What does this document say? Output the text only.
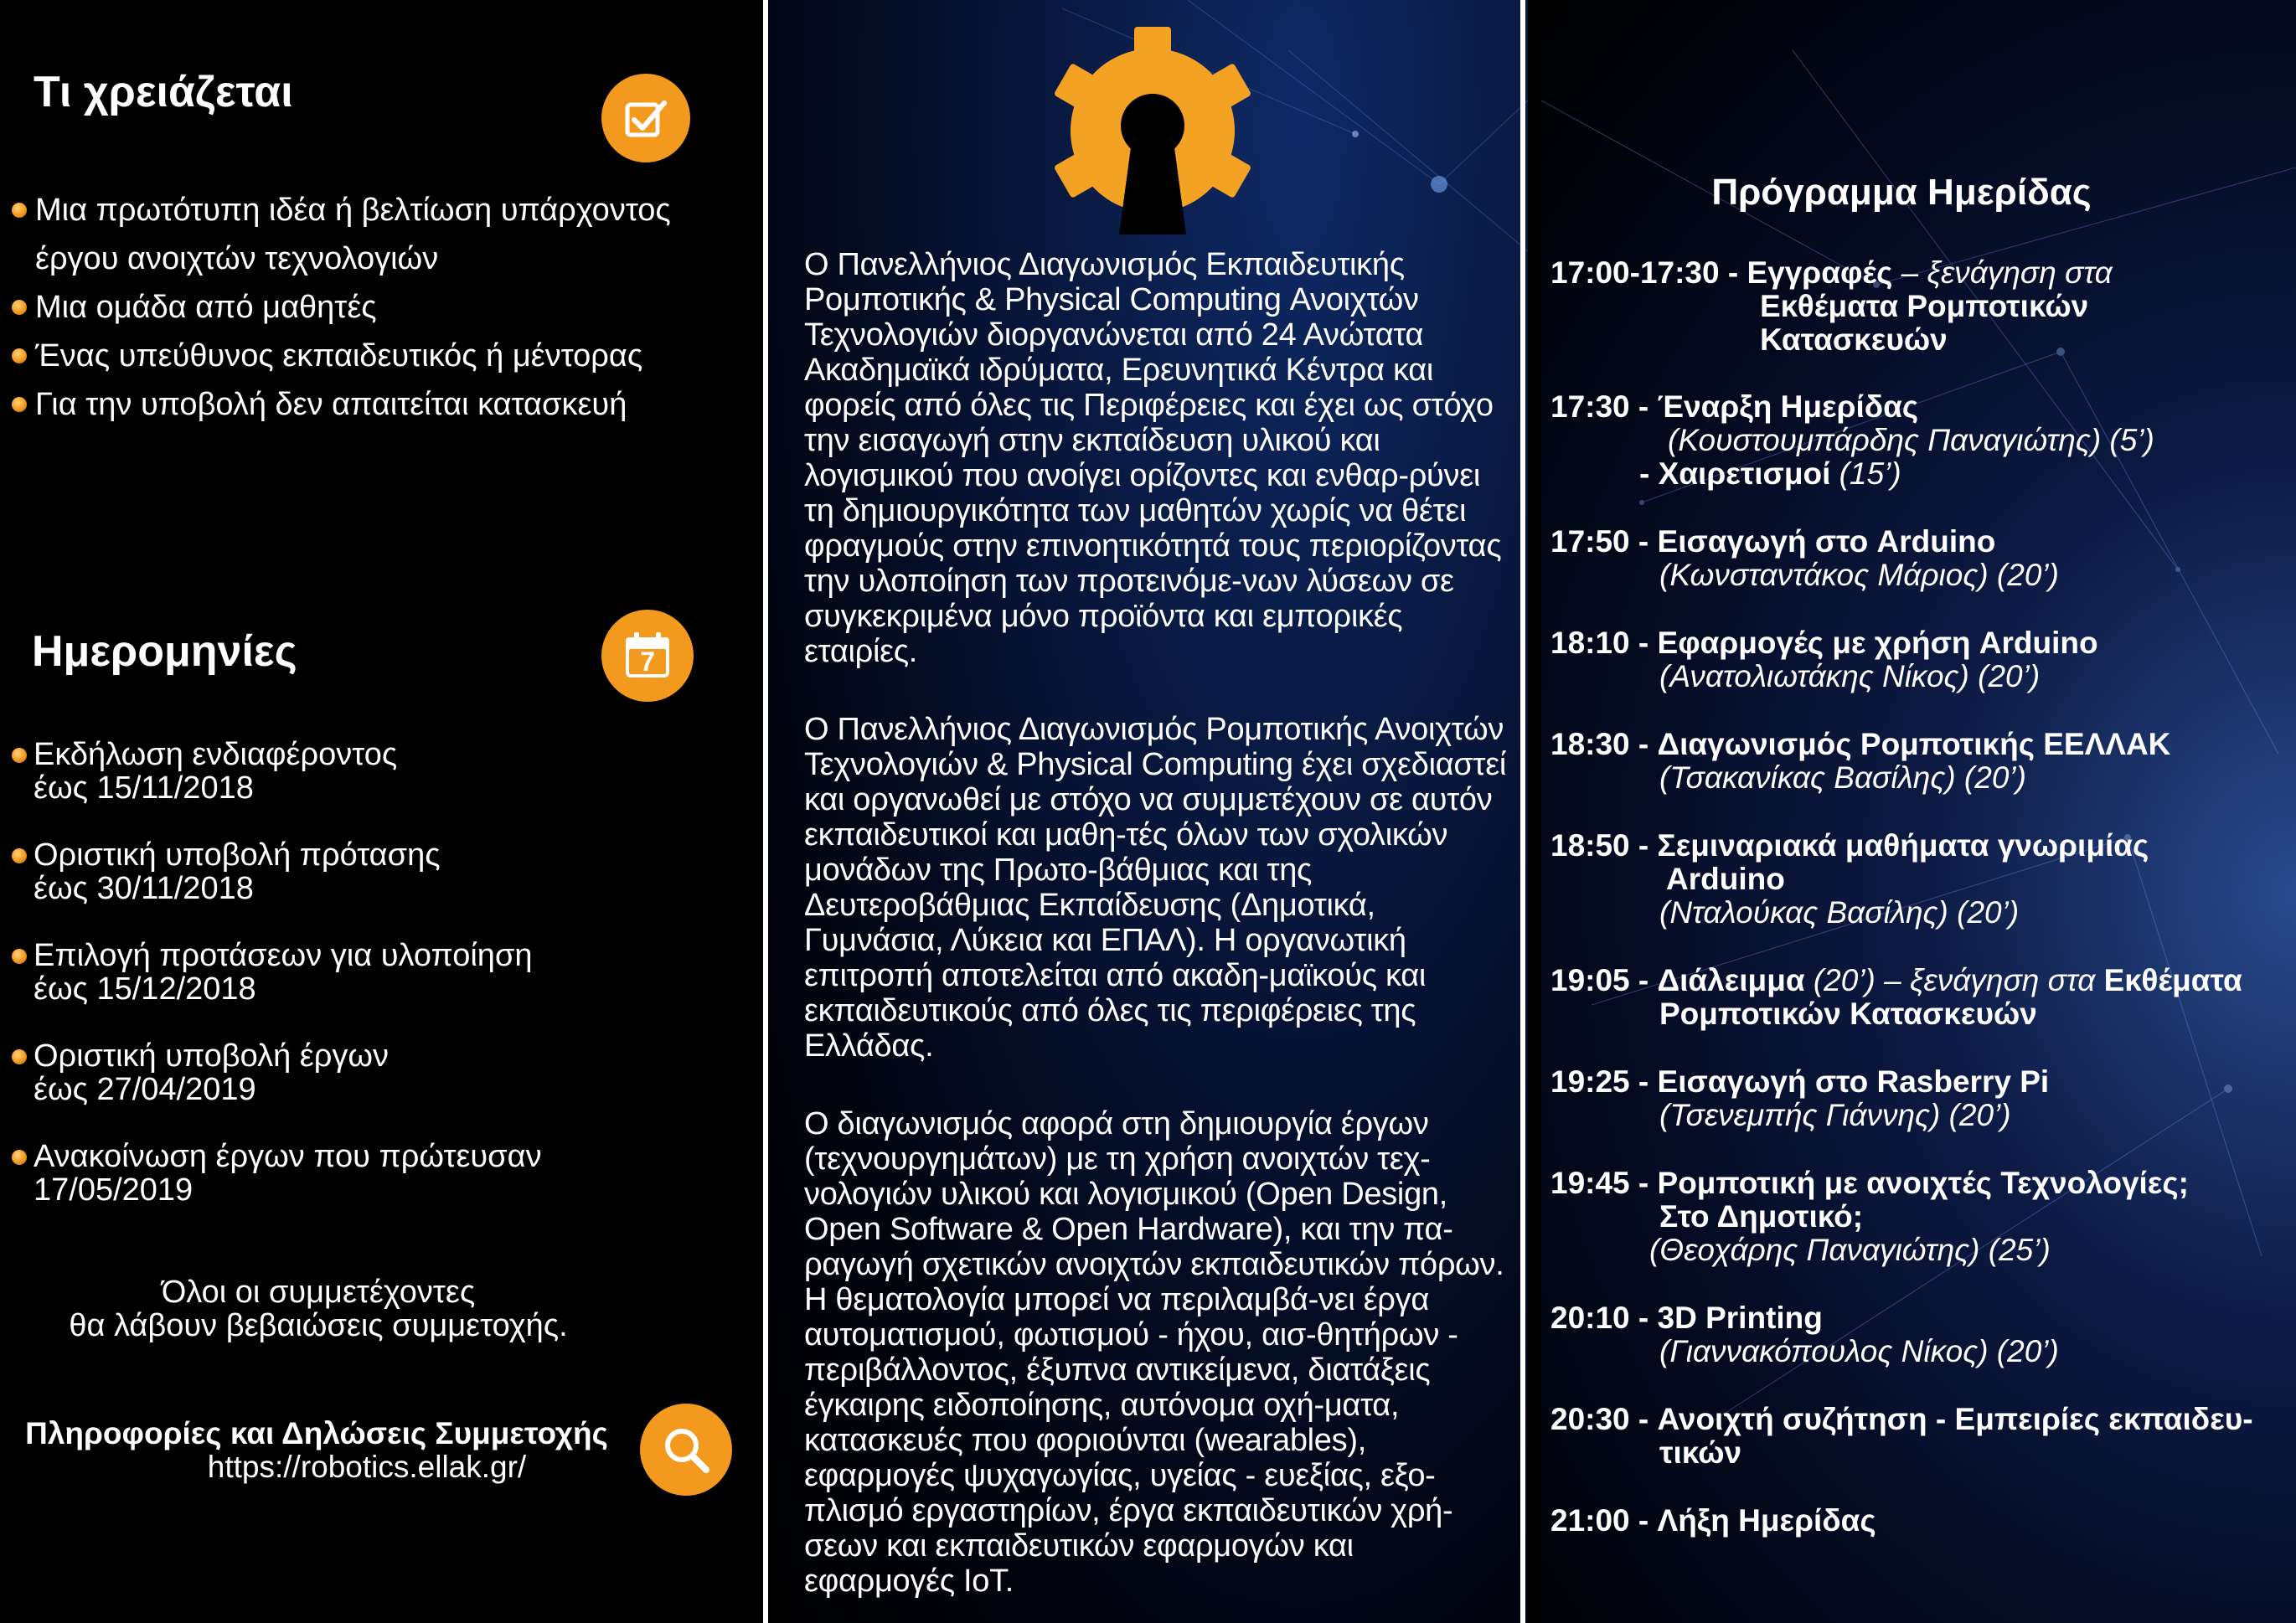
Τι χρειάζεται
Μια πρωτότυπη ιδέα ή βελτίωση υπάρχοντος
έργου ανοιχτών τεχνολογιών
Μια ομάδα από μαθητές
Ένας υπεύθυνος εκπαιδευτικός ή μέντορας
Για την υποβολή δεν απαιτείται κατασκευή
Ημερομηνίες	7
Εκδήλωση ενδιαφέροντος
έως 15/11/2018
Οριστική υποβολή πρότασης
έως 30/11/2018
Επιλογή προτάσεων για υλοποίηση
έως 15/12/2018
Οριστική υποβολή έργων
έως 27/04/2019
Ανακοίνωση έργων που πρώτευσαν
17/05/2019
Όλοι οι συμμετέχοντες
θα λάβουν βεβαιώσεις συμμετοχής.
Πληροφορίες και Δηλώσεις Συμμετοχής
https://robotics.ellak.gr/
Ο Πανελλήνιος Διαγωνισμός Εκπαιδευτικής Ρομποτικής & Physical Computing Ανοιχτών Τεχνολογιών διοργανώνεται από 24 Ανώτατα Ακαδημαϊκά ιδρύματα, Ερευνητικά Κέντρα και φορείς από όλες τις Περιφέρειες και έχει ως στόχο την εισαγωγή στην εκπαίδευση υλικού και λογισμικού που ανοίγει ορίζοντες και ενθαρ-ρύνει τη δημιουργικότητα των μαθητών χωρίς να θέτει φραγμούς στην επινοητικότητά τους περιορίζοντας την υλοποίηση των προτεινόμε-νων λύσεων σε συγκεκριμένα μόνο προϊόντα και εμπορικές εταιρίες.
Ο Πανελλήνιος Διαγωνισμός Ρομποτικής Ανοιχτών Τεχνολογιών & Physical Computing έχει σχεδιαστεί και οργανωθεί με στόχο να συμμετέχουν σε αυτόν εκπαιδευτικοί και μαθη-τές όλων των σχολικών μονάδων της Πρωτο-βάθμιας και της Δευτεροβάθμιας Εκπαίδευσης (Δημοτικά, Γυμνάσια, Λύκεια και ΕΠΑΛ). Η οργανωτική επιτροπή αποτελείται από ακαδη-μαϊκούς και εκπαιδευτικούς από όλες τις περιφέρειες της Ελλάδας.
Ο διαγωνισμός αφορά στη δημιουργία έργων (τεχνουργημάτων) με τη χρήση ανοιχτών τεχ-νολογιών υλικού και λογισμικού (Open Design, Open Software & Open Hardware), και την πα-ραγωγή σχετικών ανοιχτών εκπαιδευτικών πόρων. Η θεματολογία μπορεί να περιλαμβά-νει έργα αυτοματισμού, φωτισμού - ήχου, αισ-θητήρων - περιβάλλοντος, έξυπνα αντικείμενα, διατάξεις έγκαιρης ειδοποίησης, αυτόνομα οχή-ματα, κατασκευές που φοριούνται (wearables), εφαρμογές ψυχαγωγίας, υγείας - ευεξίας, εξο-πλισμό εργαστηρίων, έργα εκπαιδευτικών χρή-σεων και εκπαιδευτικών εφαρμογών και εφαρμογές IoT.
Πρόγραμμα Ημερίδας
17:00-17:30 - Εγγραφές – ξενάγηση στα
Εκθέματα Ρομποτικών
Κατασκευών
17:30 - Έναρξη Ημερίδας
(Κουστουμπάρδης Παναγιώτης) (5’)
- Χαιρετισμοί (15’)
17:50 - Εισαγωγή στο Arduino
(Κωνσταντάκος Μάριος) (20’)
18:10 - Εφαρμογές με χρήση Arduino
(Ανατολιωτάκης Νίκος) (20’)
18:30 - Διαγωνισμός Ρομποτικής ΕΕΛΛΑΚ
(Τσακανίκας Βασίλης) (20’)
18:50 - Σεμιναριακά μαθήματα γνωριμίας
Arduino
(Νταλούκας Βασίλης) (20’)
19:05 - Διάλειμμα (20’) – ξενάγηση στα Εκθέματα
Ρομποτικών Κατασκευών
19:25 - Εισαγωγή στο Rasberry Pi
(Τσενεμπής Γιάννης) (20’)
19:45 - Ρομποτική με ανοιχτές Τεχνολογίες;
Στο Δημοτικό;
(Θεοχάρης Παναγιώτης) (25’)
20:10 - 3D Printing
(Γιαννακόπουλος Νίκος) (20’)
20:30 - Ανοιχτή συζήτηση - Εμπειρίες εκπαιδευ-
τικών
21:00 - Λήξη Ημερίδας
